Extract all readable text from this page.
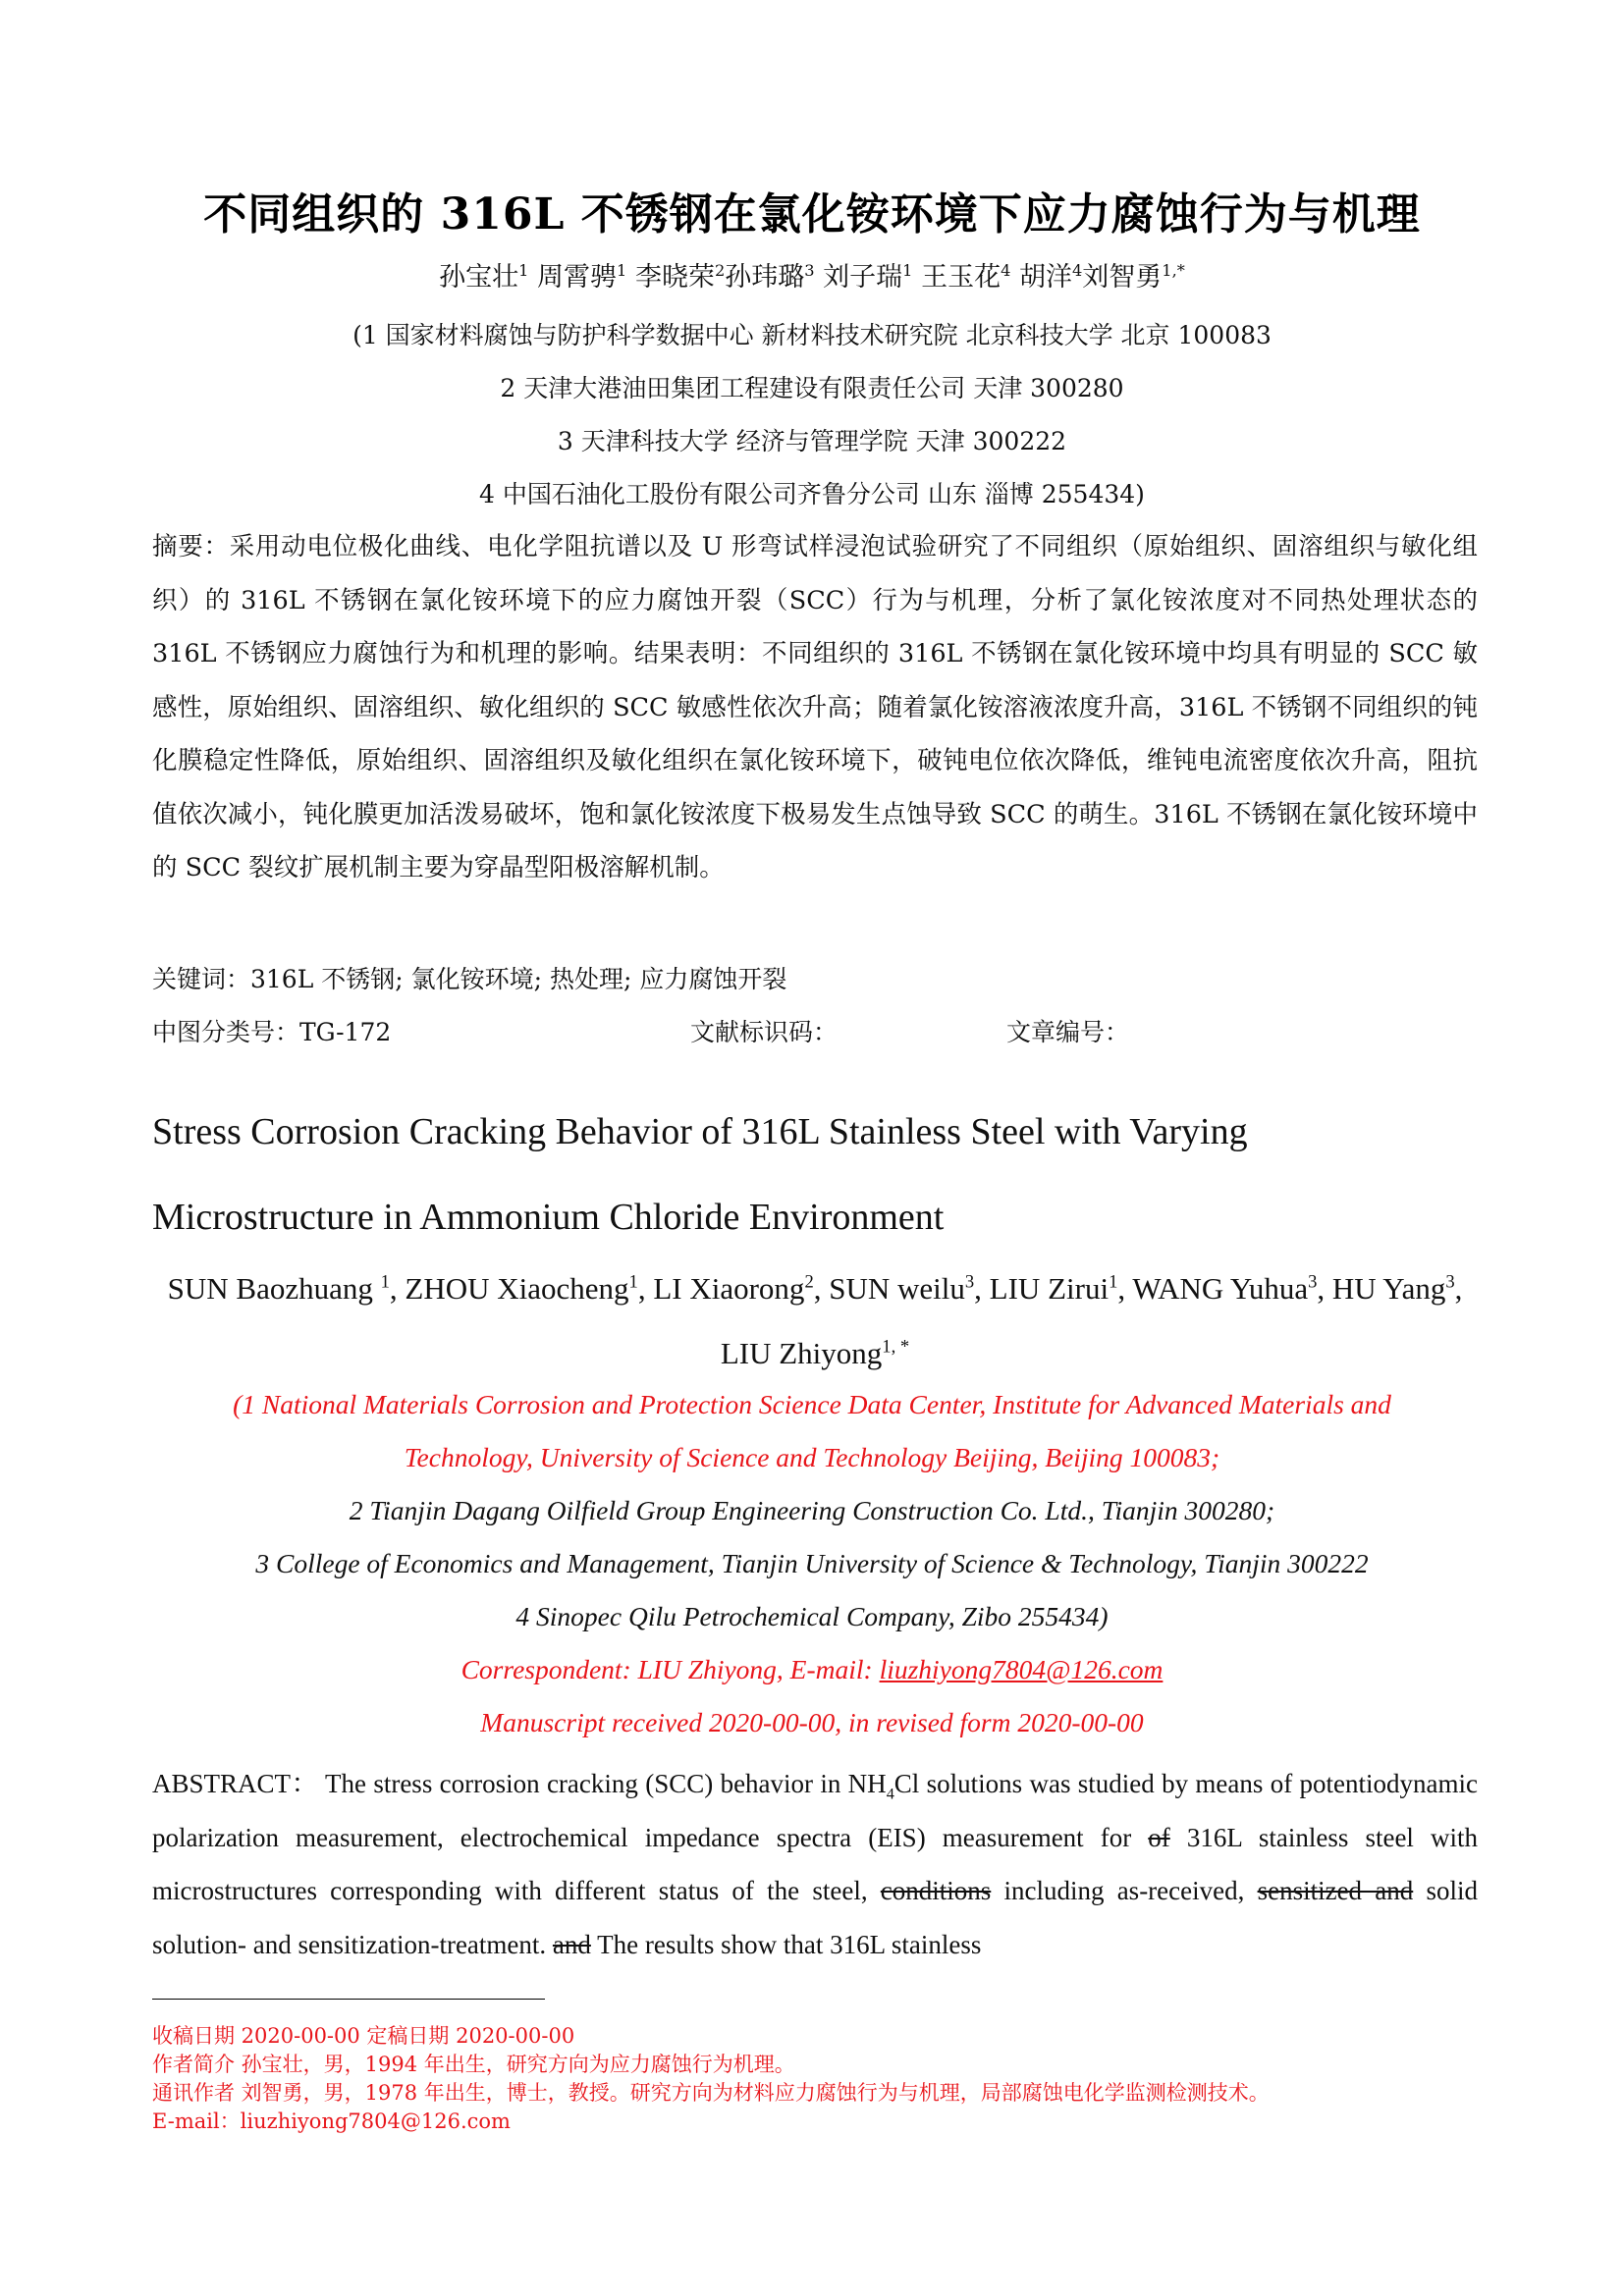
不同组织的 316L 不锈钢在氯化铵环境下应力腐蚀行为与机理
孙宝壮$^1$ 周霄骋$^1$ 李晓荣$^2$孙玮璐$^3$ 刘子瑞$^1$ 王玉花$^4$ 胡洋$^4$刘智勇$^{1,*}$
(1 国家材料腐蚀与防护科学数据中心 新材料技术研究院 北京科技大学 北京 100083
2 天津大港油田集团工程建设有限责任公司 天津 300280
3 天津科技大学 经济与管理学院 天津 300222
4 中国石油化工股份有限公司齐鲁分公司 山东 淄博 255434)
摘要：采用动电位极化曲线、电化学阻抗谱以及 U 形弯试样浸泡试验研究了不同组织（原始组织、固溶组织与敏化组织）的 316L 不锈钢在氯化铵环境下的应力腐蚀开裂（SCC）行为与机理，分析了氯化铵浓度对不同热处理状态的 316L 不锈钢应力腐蚀行为和机理的影响。结果表明：不同组织的 316L 不锈钢在氯化铵环境中均具有明显的 SCC 敏感性，原始组织、固溶组织、敏化组织的 SCC 敏感性依次升高；随着氯化铵溶液浓度升高，316L 不锈钢不同组织的钝化膜稳定性降低，原始组织、固溶组织及敏化组织在氯化铵环境下，破钝电位依次降低，维钝电流密度依次升高，阻抗值依次减小，钝化膜更加活泼易破坏，饱和氯化铵浓度下极易发生点蚀导致 SCC 的萌生。316L 不锈钢在氯化铵环境中的 SCC 裂纹扩展机制主要为穿晶型阳极溶解机制。
关键词：316L 不锈钢; 氯化铵环境; 热处理; 应力腐蚀开裂
中图分类号：TG-172	文献标识码：	文章编号：
Stress Corrosion Cracking Behavior of 316L Stainless Steel with Varying
Microstructure in Ammonium Chloride Environment
SUN Baozhuang $^1$, ZHOU Xiaocheng$^1$, LI Xiaorong$^2$, SUN weilu$^3$, LIU Zirui$^1$, WANG Yuhua$^3$, HU Yang$^3$, LIU Zhiyong$^{1, *}$
(1 National Materials Corrosion and Protection Science Data Center, Institute for Advanced Materials and
Technology, University of Science and Technology Beijing, Beijing 100083;
2 Tianjin Dagang Oilfield Group Engineering Construction Co. Ltd., Tianjin 300280;
3 College of Economics and Management, Tianjin University of Science & Technology, Tianjin 300222
4 Sinopec Qilu Petrochemical Company, Zibo 255434)
Correspondent: LIU Zhiyong, E-mail: liuzhiyong7804@126.com
Manuscript received 2020-00-00, in revised form 2020-00-00
ABSTRACT： The stress corrosion cracking (SCC) behavior in $NH_4Cl$ solutions was studied by means of potentiodynamic polarization measurement, electrochemical impedance spectra (EIS) measurement for of 316L stainless steel with microstructures corresponding with different status of the steel, conditions including as-received, sensitized and solid solution- and sensitization-treatment. and The results show that 316L stainless
收稿日期 2020-00-00 定稿日期 2020-00-00
作者简介 孙宝壮，男，1994 年出生，研究方向为应力腐蚀行为机理。
通讯作者 刘智勇，男，1978 年出生，博士，教授。研究方向为材料应力腐蚀行为与机理，局部腐蚀电化学监测检测技术。
E-mail：liuzhiyong7804@126.com
